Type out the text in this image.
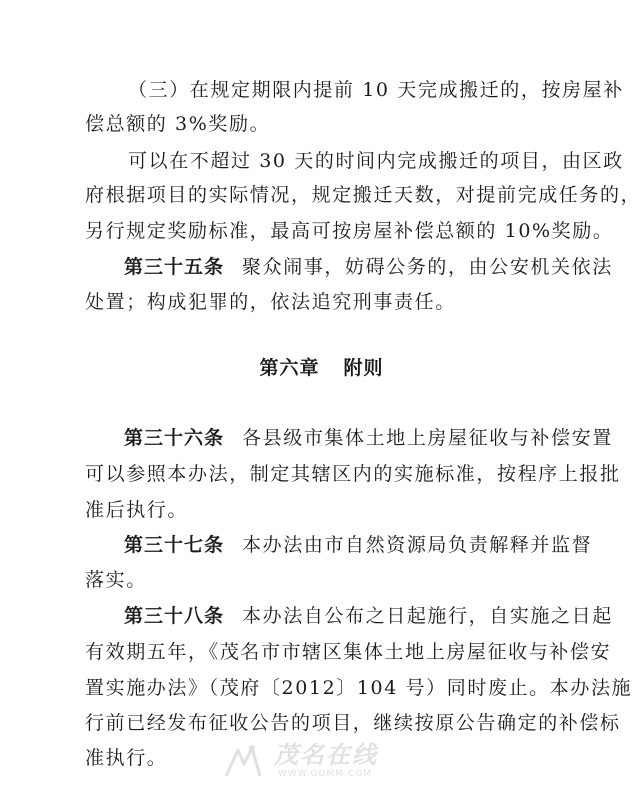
（三）在规定期限内提前 10 天完成搬迁的，按房屋补
偿总额的 3%奖励。
可以在不超过 30 天的时间内完成搬迁的项目，由区政
府根据项目的实际情况，规定搬迁天数，对提前完成任务的，
另行规定奖励标准，最高可按房屋补偿总额的 10%奖励。
第三十五条 聚众闹事，妨碍公务的，由公安机关依法
处置；构成犯罪的，依法追究刑事责任。
第六章 附则
第三十六条 各县级市集体土地上房屋征收与补偿安置
可以参照本办法，制定其辖区内的实施标准，按程序上报批
准后执行。
第三十七条 本办法由市自然资源局负责解释并监督
落实。
第三十八条 本办法自公布之日起施行，自实施之日起
有效期五年，《茂名市市辖区集体土地上房屋征收与补偿安
置实施办法》（茂府〔2012〕104 号）同时废止。本办法施
行前已经发布征收公告的项目，继续按原公告确定的补偿标
准执行。	茂名在线
WWW.GDMM.COM
